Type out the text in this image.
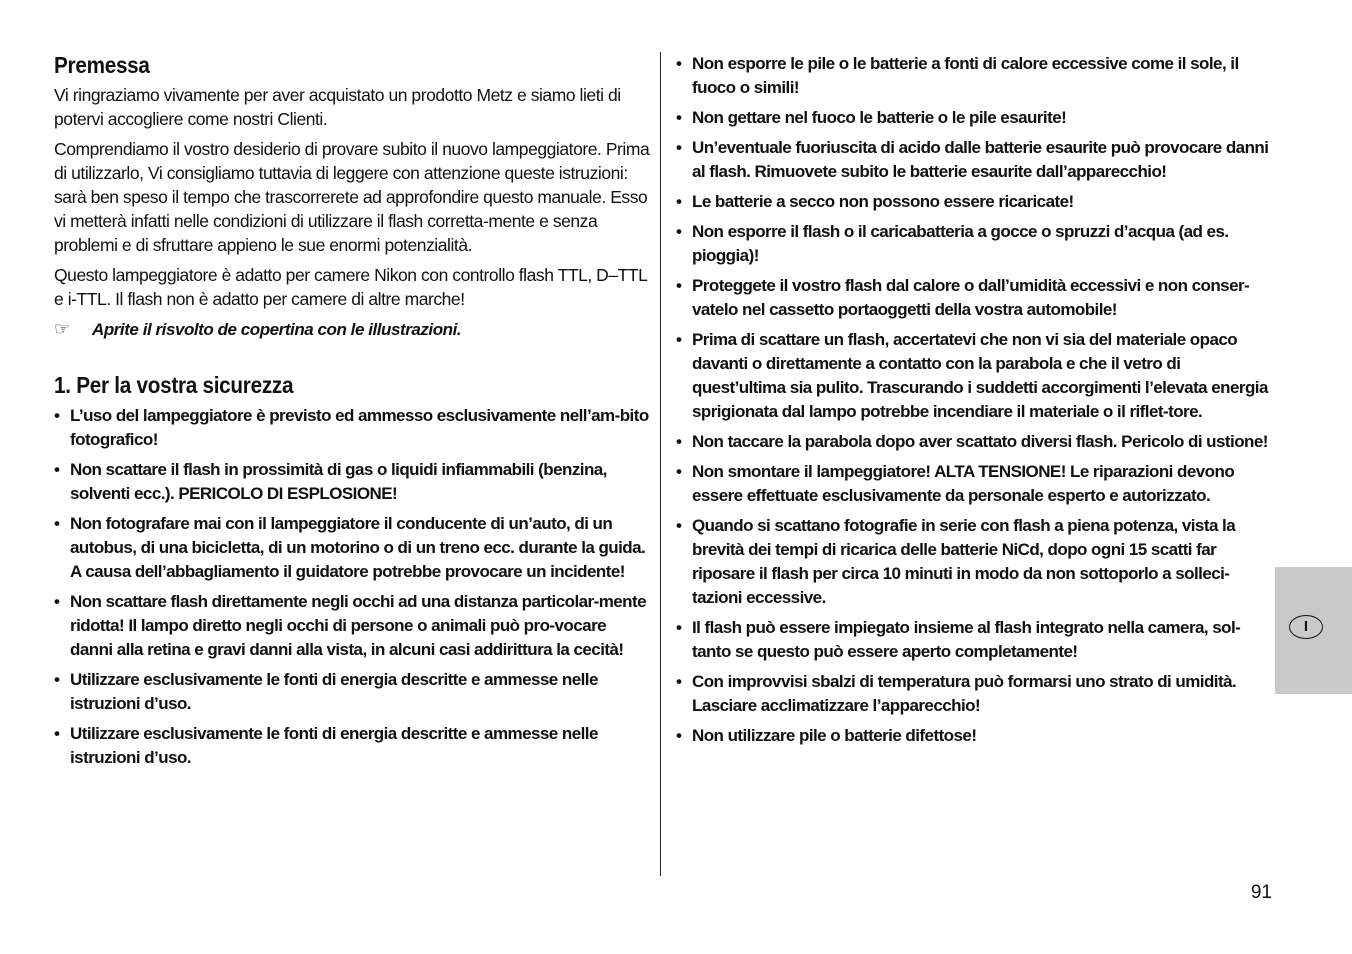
Premessa

Vi ringraziamo vivamente per aver acquistato un prodotto Metz e siamo lieti di potervi accogliere come nostri Clienti.

Comprendiamo il vostro desiderio di provare subito il nuovo lampeggiatore. Prima di utilizzarlo, Vi consigliamo tuttavia di leggere con attenzione queste istruzioni: sarà ben speso il tempo che trascorrerete ad approfondire questo manuale. Esso vi metterà infatti nelle condizioni di utilizzare il flash corretta-mente e senza problemi e di sfruttare appieno le sue enormi potenzialità.

Questo lampeggiatore è adatto per camere Nikon con controllo flash TTL, D–TTL e i-TTL. Il flash non è adatto per camere di altre marche!

☞	Aprite il risvolto de copertina con le illustrazioni.
1. Per la vostra sicurezza
• L’uso del lampeggiatore è previsto ed ammesso esclusivamente nell’am-bito fotografico!
• Non scattare il flash in prossimità di gas o liquidi infiammabili (benzina, solventi ecc.). PERICOLO DI ESPLOSIONE!
• Non fotografare mai con il lampeggiatore il conducente di un’auto, di un autobus, di una bicicletta, di un motorino o di un treno ecc. durante la guida. A causa dell’abbagliamento il guidatore potrebbe provocare un incidente!
• Non scattare flash direttamente negli occhi ad una distanza particolar-mente ridotta! Il lampo diretto negli occhi di persone o animali può pro-vocare danni alla retina e gravi danni alla vista, in alcuni casi addirittura la cecità!
• Utilizzare esclusivamente le fonti di energia descritte e ammesse nelle istruzioni d’uso.
• Utilizzare esclusivamente le fonti di energia descritte e ammesse nelle istruzioni d’uso.
• Non esporre le pile o le batterie a fonti di calore eccessive come il sole, il fuoco o simili!
• Non gettare nel fuoco le batterie o le pile esaurite!
• Un’eventuale fuoriuscita di acido dalle batterie esaurite può provocare danni al flash. Rimuovete subito le batterie esaurite dall’apparecchio!
• Le batterie a secco non possono essere ricaricate!
• Non esporre il flash o il caricabatteria a gocce o spruzzi d’acqua (ad es. pioggia)!
• Proteggete il vostro flash dal calore o dall’umidità eccessivi e non conser-vatelo nel cassetto portaoggetti della vostra automobile!
• Prima di scattare un flash, accertatevi che non vi sia del materiale opaco davanti o direttamente a contatto con la parabola e che il vetro di quest’ultima sia pulito. Trascurando i suddetti accorgimenti l’elevata energia sprigionata dal lampo potrebbe incendiare il materiale o il riflet-tore.
• Non taccare la parabola dopo aver scattato diversi flash. Pericolo di ustione!
• Non smontare il lampeggiatore! ALTA TENSIONE! Le riparazioni devono essere effettuate esclusivamente da personale esperto e autorizzato.
• Quando si scattano fotografie in serie con flash a piena potenza, vista la brevità dei tempi di ricarica delle batterie NiCd, dopo ogni 15 scatti far riposare il flash per circa 10 minuti in modo da non sottoporlo a solleci-tazioni eccessive.
• Il flash può essere impiegato insieme al flash integrato nella camera, sol-tanto se questo può essere aperto completamente!
• Con improvvisi sbalzi di temperatura può formarsi uno strato di umidità. Lasciare acclimatizzare l’apparecchio!
• Non utilizzare pile o batterie difettose!
I
91
